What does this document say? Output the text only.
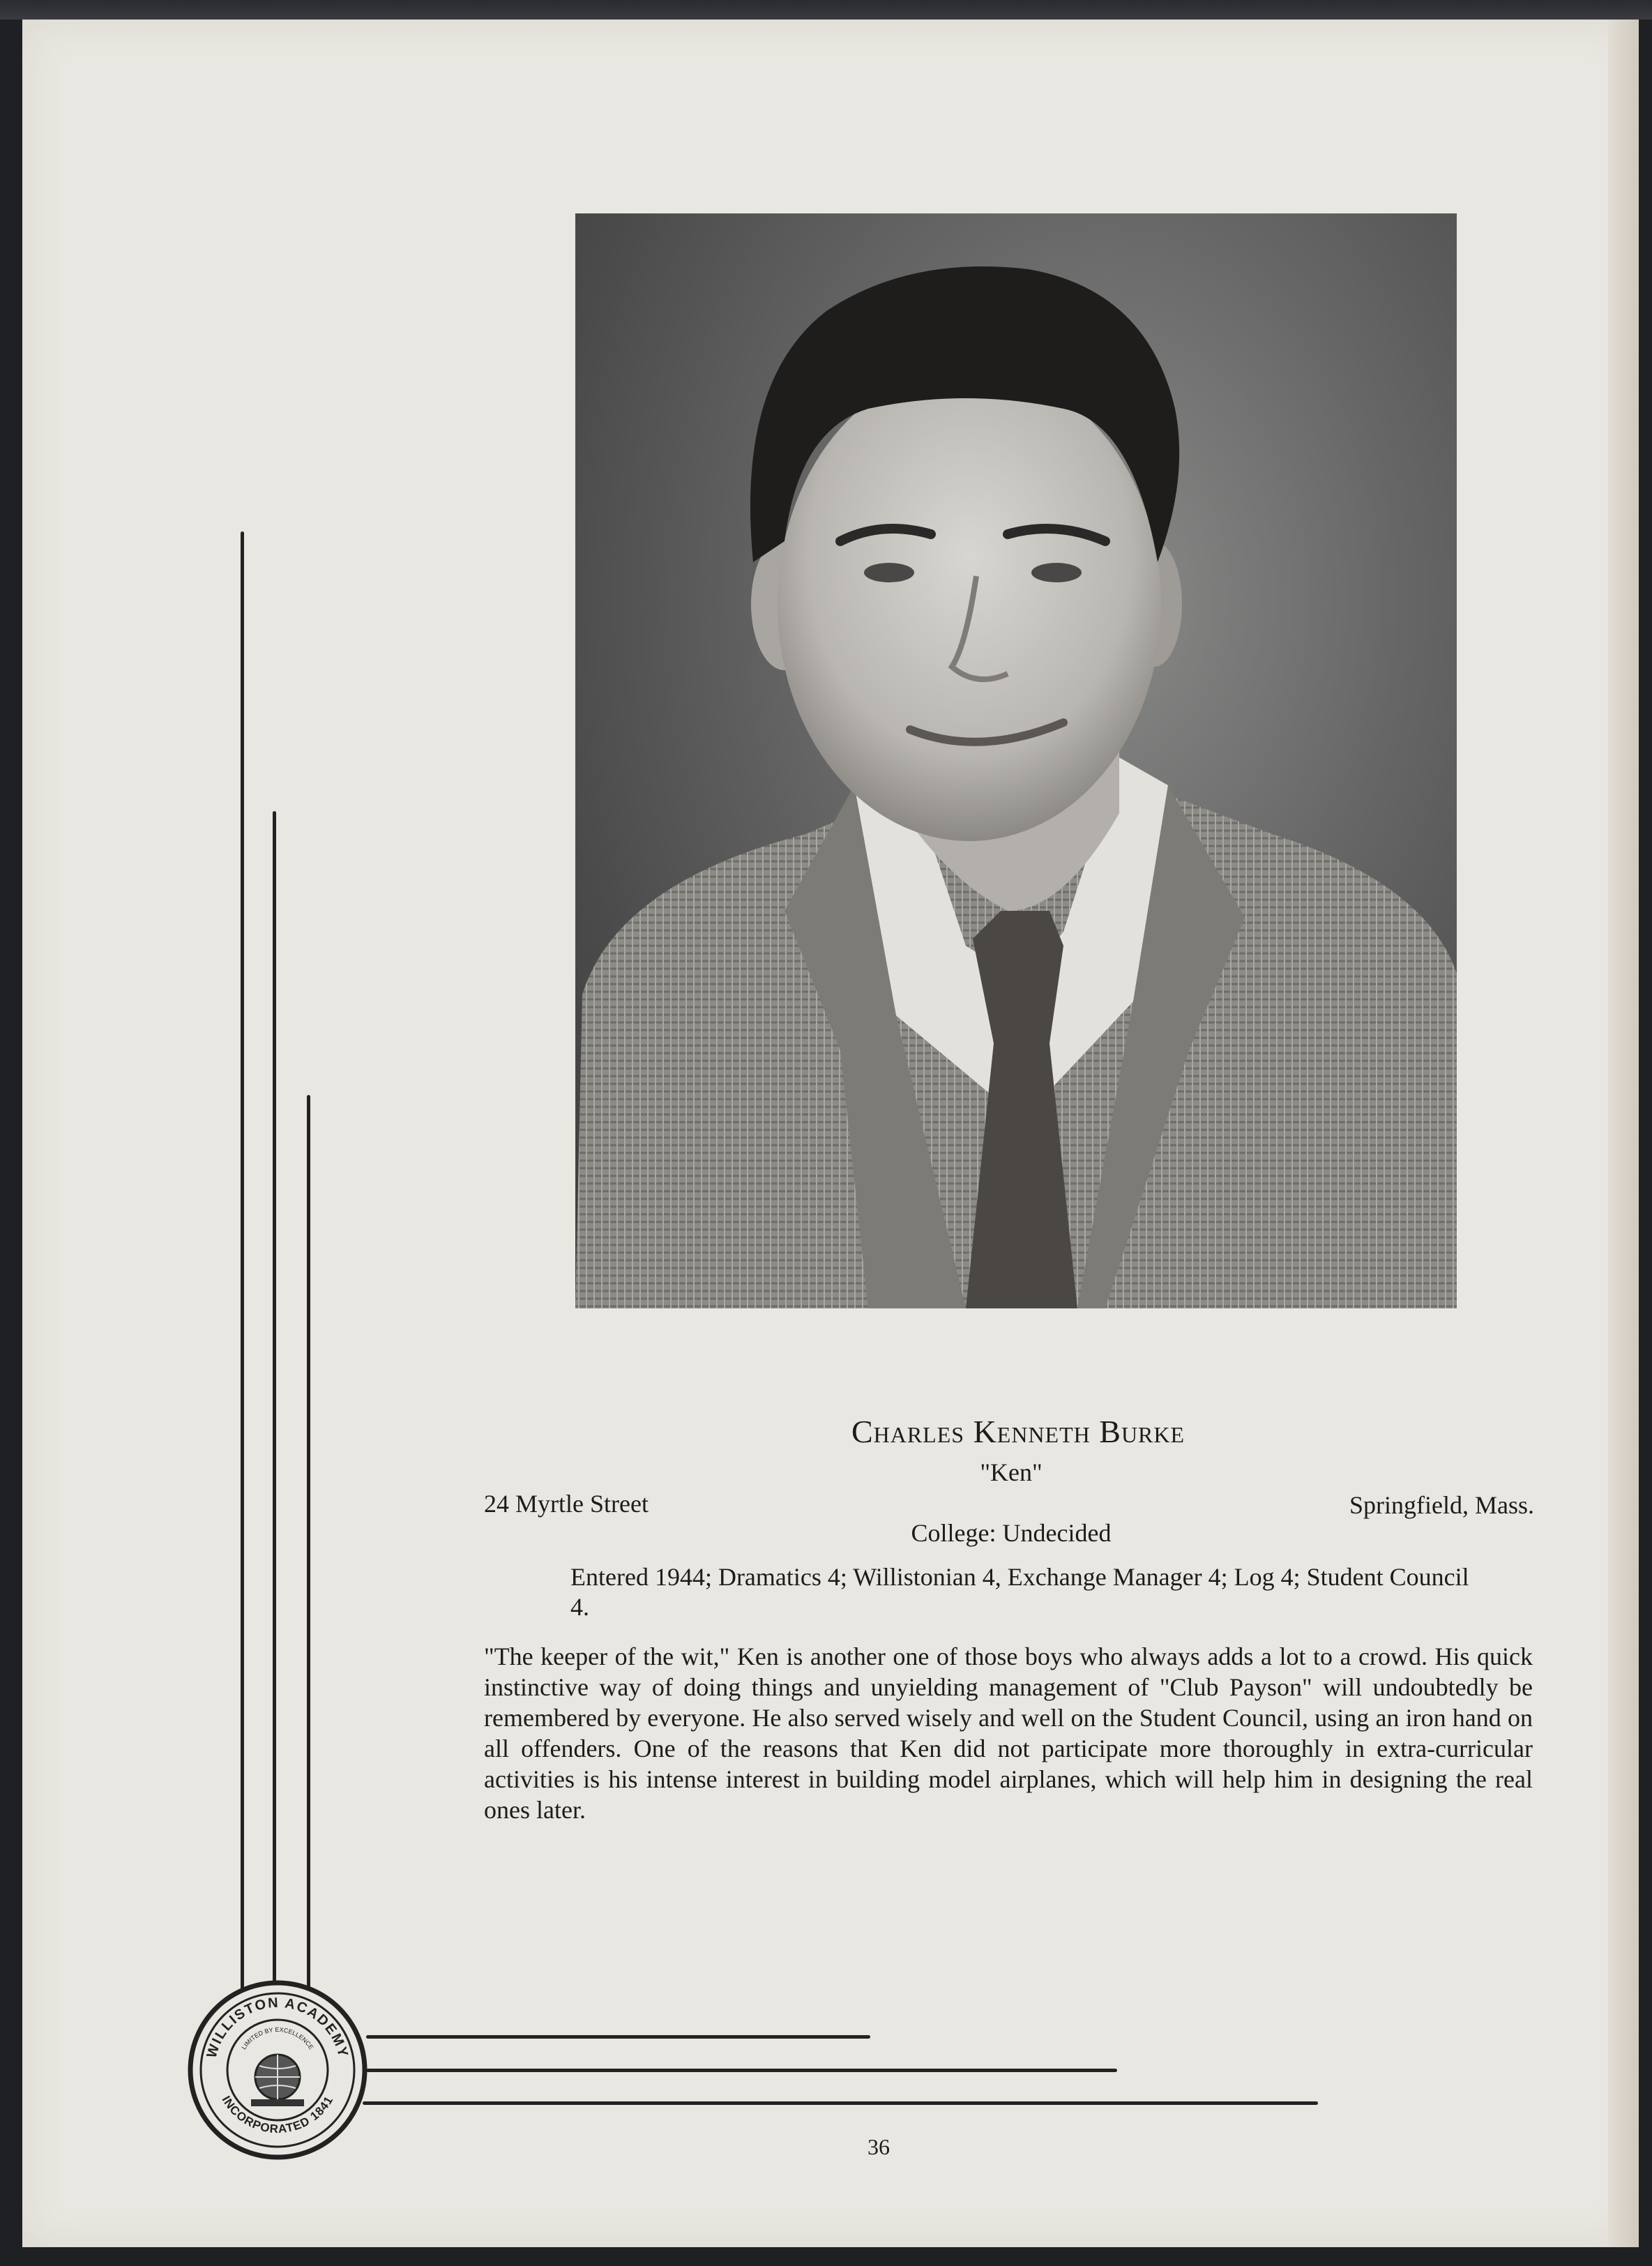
WILLISTON ACADEMY
INCORPORATED 1841
LIMITED BY EXCELLENCE
Charles Kenneth Burke
"Ken"
24 Myrtle Street	Springfield, Mass.
College: Undecided
Entered 1944; Dramatics 4; Willistonian 4, Exchange Manager 4; Log 4; Student Council 4.
"The keeper of the wit," Ken is another one of those boys who always adds a lot to a crowd. His quick instinctive way of doing things and unyielding management of "Club Payson" will undoubtedly be remembered by everyone. He also served wisely and well on the Student Council, using an iron hand on all offenders. One of the reasons that Ken did not participate more thoroughly in extra-curricular activities is his intense interest in building model airplanes, which will help him in designing the real ones later.
36
